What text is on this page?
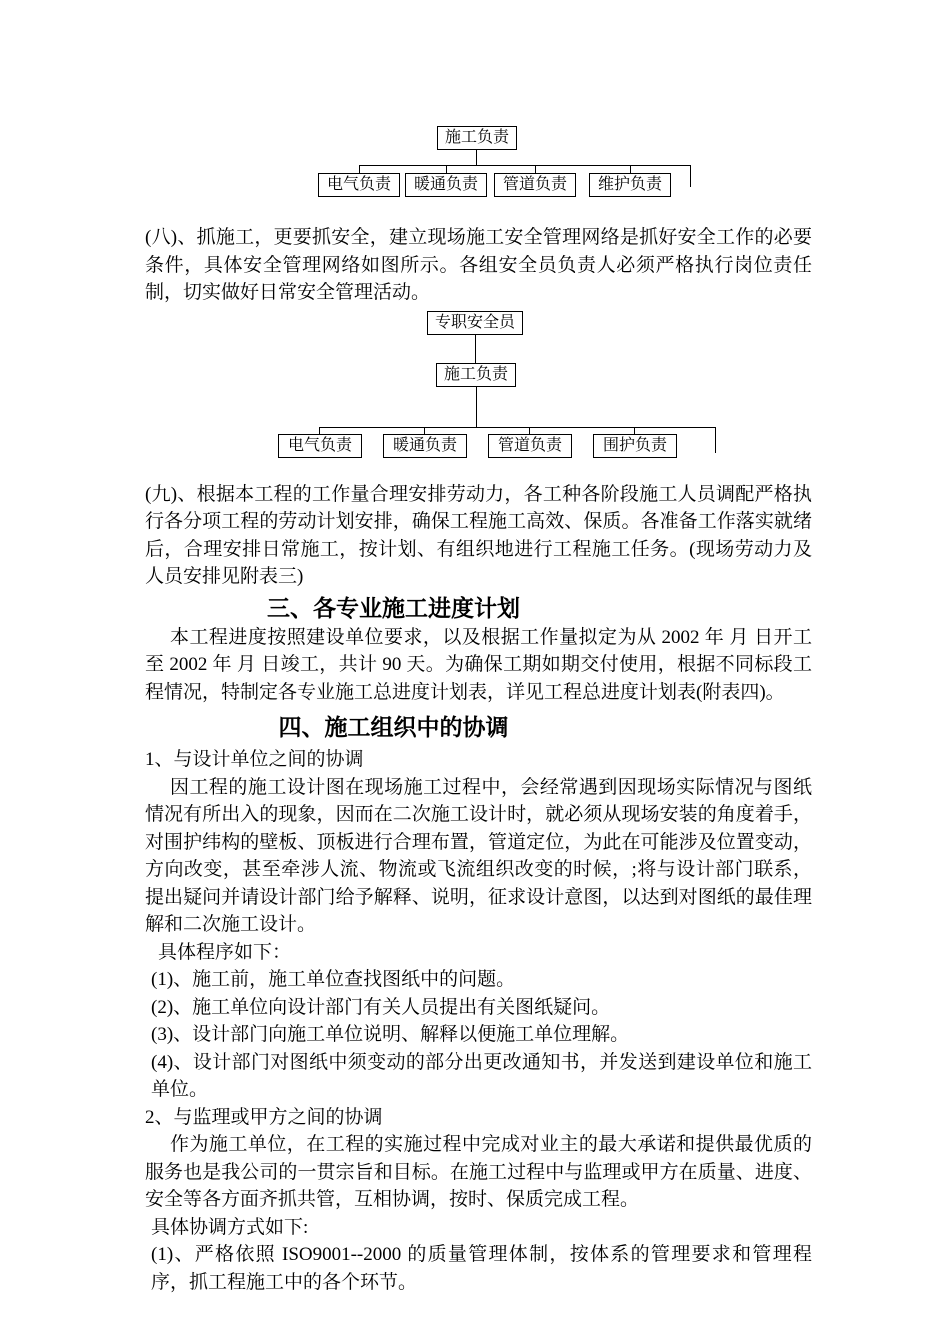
施工负责
电气负责	暖通负责	管道负责	维护负责

(八)、抓施工，更要抓安全，建立现场施工安全管理网络是抓好安全工作的必要条件，具体安全管理网络如图所示。各组安全员负责人必须严格执行岗位责任制，切实做好日常安全管理活动。

专职安全员
施工负责
电气负责	暖通负责	管道负责	围护负责

(九)、根据本工程的工作量合理安排劳动力，各工种各阶段施工人员调配严格执行各分项工程的劳动计划安排，确保工程施工高效、保质。各准备工作落实就绪后，合理安排日常施工，按计划、有组织地进行工程施工任务。(现场劳动力及人员安排见附表三)

三、各专业施工进度计划

本工程进度按照建设单位要求，以及根据工作量拟定为从 2002 年 月 日开工至 2002 年 月 日竣工，共计 90 天。为确保工期如期交付使用，根据不同标段工程情况，特制定各专业施工总进度计划表，详见工程总进度计划表(附表四)。

四、施工组织中的协调

1、与设计单位之间的协调

因工程的施工设计图在现场施工过程中，会经常遇到因现场实际情况与图纸情况有所出入的现象，因而在二次施工设计时，就必须从现场安装的角度着手，对围护纬构的壁板、顶板进行合理布置，管道定位，为此在可能涉及位置变动，方向改变，甚至牵涉人流、物流或飞流组织改变的时候，;将与设计部门联系，提出疑问并请设计部门给予解释、说明，征求设计意图，以达到对图纸的最佳理解和二次施工设计。

具体程序如下：

(1)、施工前，施工单位查找图纸中的问题。

(2)、施工单位向设计部门有关人员提出有关图纸疑问。

(3)、设计部门向施工单位说明、解释以便施工单位理解。

(4)、设计部门对图纸中须变动的部分出更改通知书，并发送到建设单位和施工单位。

2、与监理或甲方之间的协调

作为施工单位，在工程的实施过程中完成对业主的最大承诺和提供最优质的服务也是我公司的一贯宗旨和目标。在施工过程中与监理或甲方在质量、进度、安全等各方面齐抓共管，互相协调，按时、保质完成工程。

具体协调方式如下:

(1)、严格依照 ISO9001--2000 的质量管理体制，按体系的管理要求和管理程序，抓工程施工中的各个环节。
